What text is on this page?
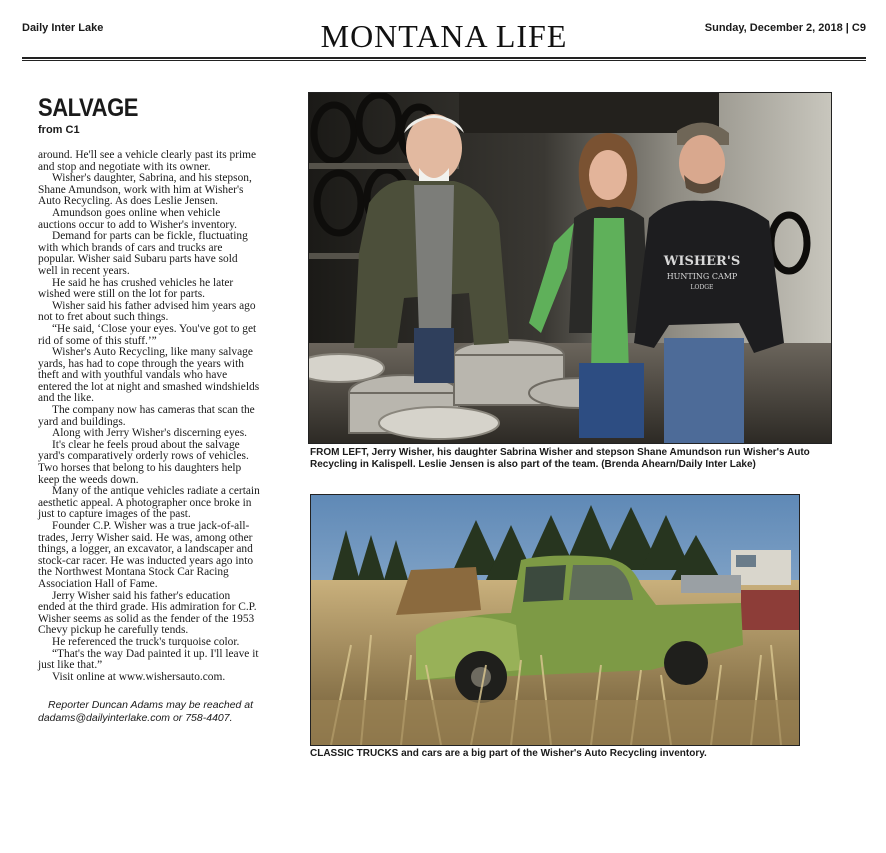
Daily Inter Lake	MONTANA LIFE	Sunday, December 2, 2018 | C9
SALVAGE
from C1

around. He'll see a vehicle clearly past its prime and stop and negotiate with its owner.

Wisher's daughter, Sabrina, and his stepson, Shane Amundson, work with him at Wisher's Auto Recycling. As does Leslie Jensen.

Amundson goes online when vehicle auctions occur to add to Wisher's inventory.

Demand for parts can be fickle, fluctuating with which brands of cars and trucks are popular. Wisher said Subaru parts have sold well in recent years.

He said he has crushed vehicles he later wished were still on the lot for parts.

Wisher said his father advised him years ago not to fret about such things.

“He said, ‘Close your eyes. You've got to get rid of some of this stuff.’”

Wisher's Auto Recycling, like many salvage yards, has had to cope through the years with theft and with youthful vandals who have entered the lot at night and smashed windshields and the like.

The company now has cameras that scan the yard and buildings.

Along with Jerry Wisher's discerning eyes.

It's clear he feels proud about the salvage yard's comparatively orderly rows of vehicles. Two horses that belong to his daughters help keep the weeds down.

Many of the antique vehicles radiate a certain aesthetic appeal. A photographer once broke in just to capture images of the past.

Founder C.P. Wisher was a true jack-of-all-trades, Jerry Wisher said. He was, among other things, a logger, an excavator, a landscaper and stock-car racer. He was inducted years ago into the Northwest Montana Stock Car Racing Association Hall of Fame.

Jerry Wisher said his father's education ended at the third grade. His admiration for C.P. Wisher seems as solid as the fender of the 1953 Chevy pickup he carefully tends.

He referenced the truck's turquoise color.

“That's the way Dad painted it up. I'll leave it just like that.”

Visit online at www.wishersauto.com.

Reporter Duncan Adams may be reached at dadams@dailyinterlake.com or 758-4407.
WISHER'S
HUNTING CAMP
LODGE
FROM LEFT, Jerry Wisher, his daughter Sabrina Wisher and stepson Shane Amundson run Wisher's Auto Recycling in Kalispell. Leslie Jensen is also part of the team. (Brenda Ahearn/Daily Inter Lake)
CLASSIC TRUCKS and cars are a big part of the Wisher's Auto Recycling inventory.
